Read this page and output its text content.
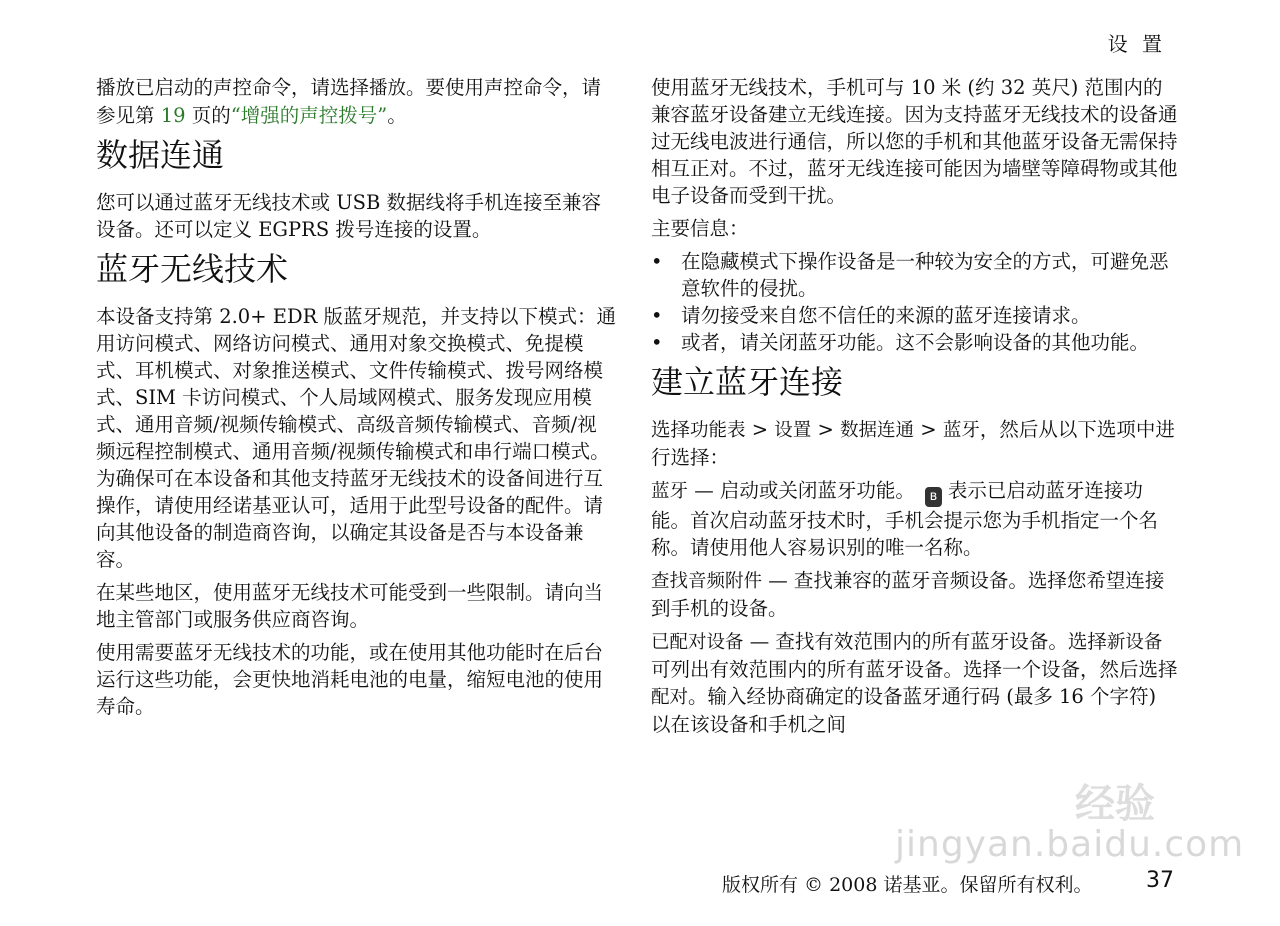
设 置

播放已启动的声控命令，请选择播放。要使用声控命令，请参见第 19 页的“增强的声控拨号”。

数据连通

您可以通过蓝牙无线技术或 USB 数据线将手机连接至兼容设备。还可以定义 EGPRS 拨号连接的设置。

蓝牙无线技术

本设备支持第 2.0+ EDR 版蓝牙规范，并支持以下模式：通用访问模式、网络访问模式、通用对象交换模式、免提模式、耳机模式、对象推送模式、文件传输模式、拨号网络模式、SIM 卡访问模式、个人局域网模式、服务发现应用模式、通用音频/视频传输模式、高级音频传输模式、音频/视频远程控制模式、通用音频/视频传输模式和串行端口模式。为确保可在本设备和其他支持蓝牙无线技术的设备间进行互操作，请使用经诺基亚认可，适用于此型号设备的配件。请向其他设备的制造商咨询，以确定其设备是否与本设备兼容。

在某些地区，使用蓝牙无线技术可能受到一些限制。请向当地主管部门或服务供应商咨询。

使用需要蓝牙无线技术的功能，或在使用其他功能时在后台运行这些功能，会更快地消耗电池的电量，缩短电池的使用寿命。

使用蓝牙无线技术，手机可与 10 米 (约 32 英尺) 范围内的兼容蓝牙设备建立无线连接。因为支持蓝牙无线技术的设备通过无线电波进行通信，所以您的手机和其他蓝牙设备无需保持相互正对。不过，蓝牙无线连接可能因为墙壁等障碍物或其他电子设备而受到干扰。

主要信息：

• 在隐藏模式下操作设备是一种较为安全的方式，可避免恶意软件的侵扰。
• 请勿接受来自您不信任的来源的蓝牙连接请求。
• 或者，请关闭蓝牙功能。这不会影响设备的其他功能。
建立蓝牙连接

选择功能表 > 设置 > 数据连通 > 蓝牙，然后从以下选项中进行选择：

蓝牙 — 启动或关闭蓝牙功能。 ʙ 表示已启动蓝牙连接功能。首次启动蓝牙技术时，手机会提示您为手机指定一个名称。请使用他人容易识别的唯一名称。

查找音频附件 — 查找兼容的蓝牙音频设备。选择您希望连接到手机的设备。

已配对设备 — 查找有效范围内的所有蓝牙设备。选择新设备可列出有效范围内的所有蓝牙设备。选择一个设备，然后选择配对。输入经协商确定的设备蓝牙通行码 (最多 16 个字符) 以在该设备和手机之间

经验
jingyan.baidu.com
版权所有 © 2008 诺基亚。保留所有权利。 37
